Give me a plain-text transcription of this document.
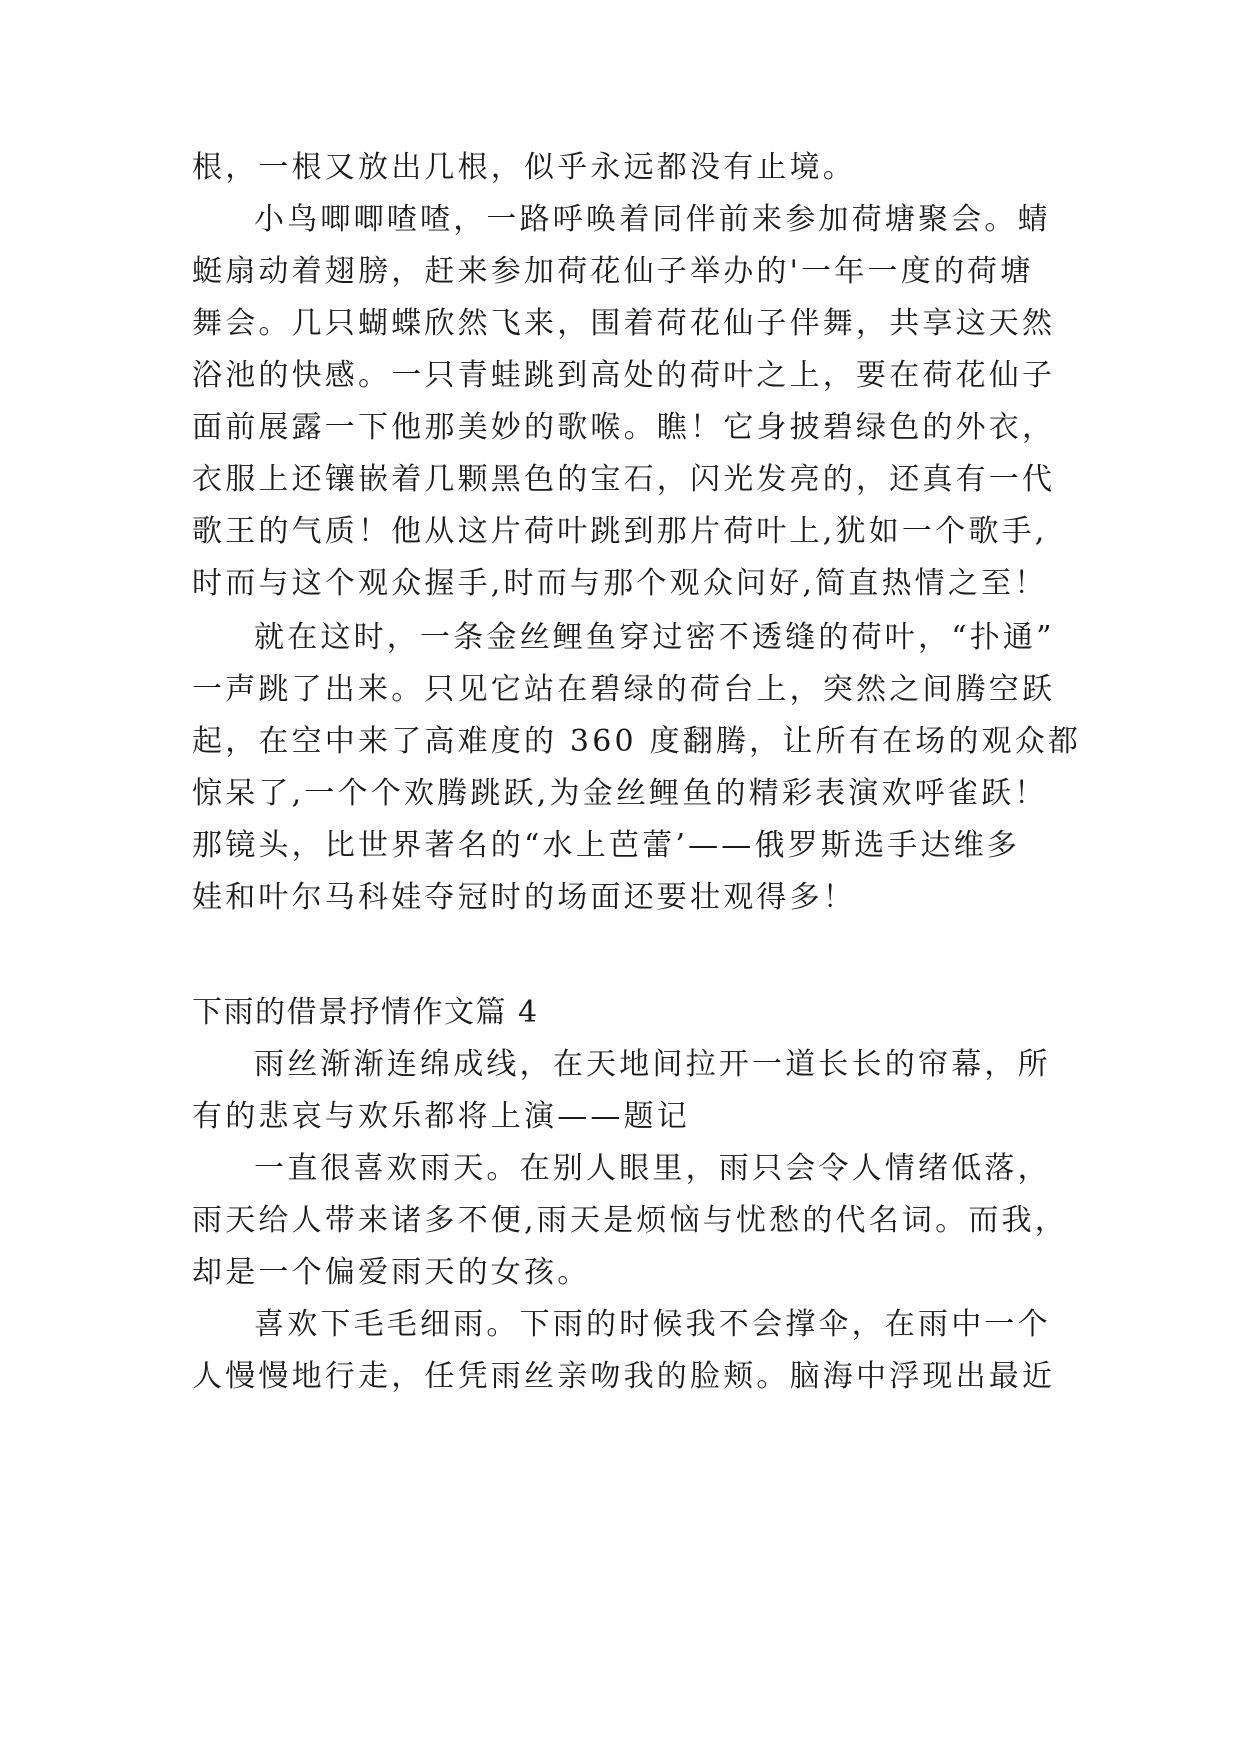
根，一根又放出几根，似乎永远都没有止境。
小鸟唧唧喳喳，一路呼唤着同伴前来参加荷塘聚会。蜻
蜓扇动着翅膀，赶来参加荷花仙子举办的'一年一度的荷塘
舞会。几只蝴蝶欣然飞来，围着荷花仙子伴舞，共享这天然
浴池的快感。一只青蛙跳到高处的荷叶之上，要在荷花仙子
面前展露一下他那美妙的歌喉。瞧！它身披碧绿色的外衣，
衣服上还镶嵌着几颗黑色的宝石，闪光发亮的，还真有一代
歌王的气质！他从这片荷叶跳到那片荷叶上,犹如一个歌手,
时而与这个观众握手,时而与那个观众问好,简直热情之至！
就在这时，一条金丝鲤鱼穿过密不透缝的荷叶，“扑通”
一声跳了出来。只见它站在碧绿的荷台上，突然之间腾空跃
起，在空中来了高难度的 360 度翻腾，让所有在场的观众都
惊呆了,一个个欢腾跳跃,为金丝鲤鱼的精彩表演欢呼雀跃！
那镜头，比世界著名的“水上芭蕾’——俄罗斯选手达维多
娃和叶尔马科娃夺冠时的场面还要壮观得多！
下雨的借景抒情作文篇 4
雨丝渐渐连绵成线，在天地间拉开一道长长的帘幕，所
有的悲哀与欢乐都将上演——题记
一直很喜欢雨天。在别人眼里，雨只会令人情绪低落，
雨天给人带来诸多不便,雨天是烦恼与忧愁的代名词。而我，
却是一个偏爱雨天的女孩。
喜欢下毛毛细雨。下雨的时候我不会撑伞，在雨中一个
人慢慢地行走，任凭雨丝亲吻我的脸颊。脑海中浮现出最近
